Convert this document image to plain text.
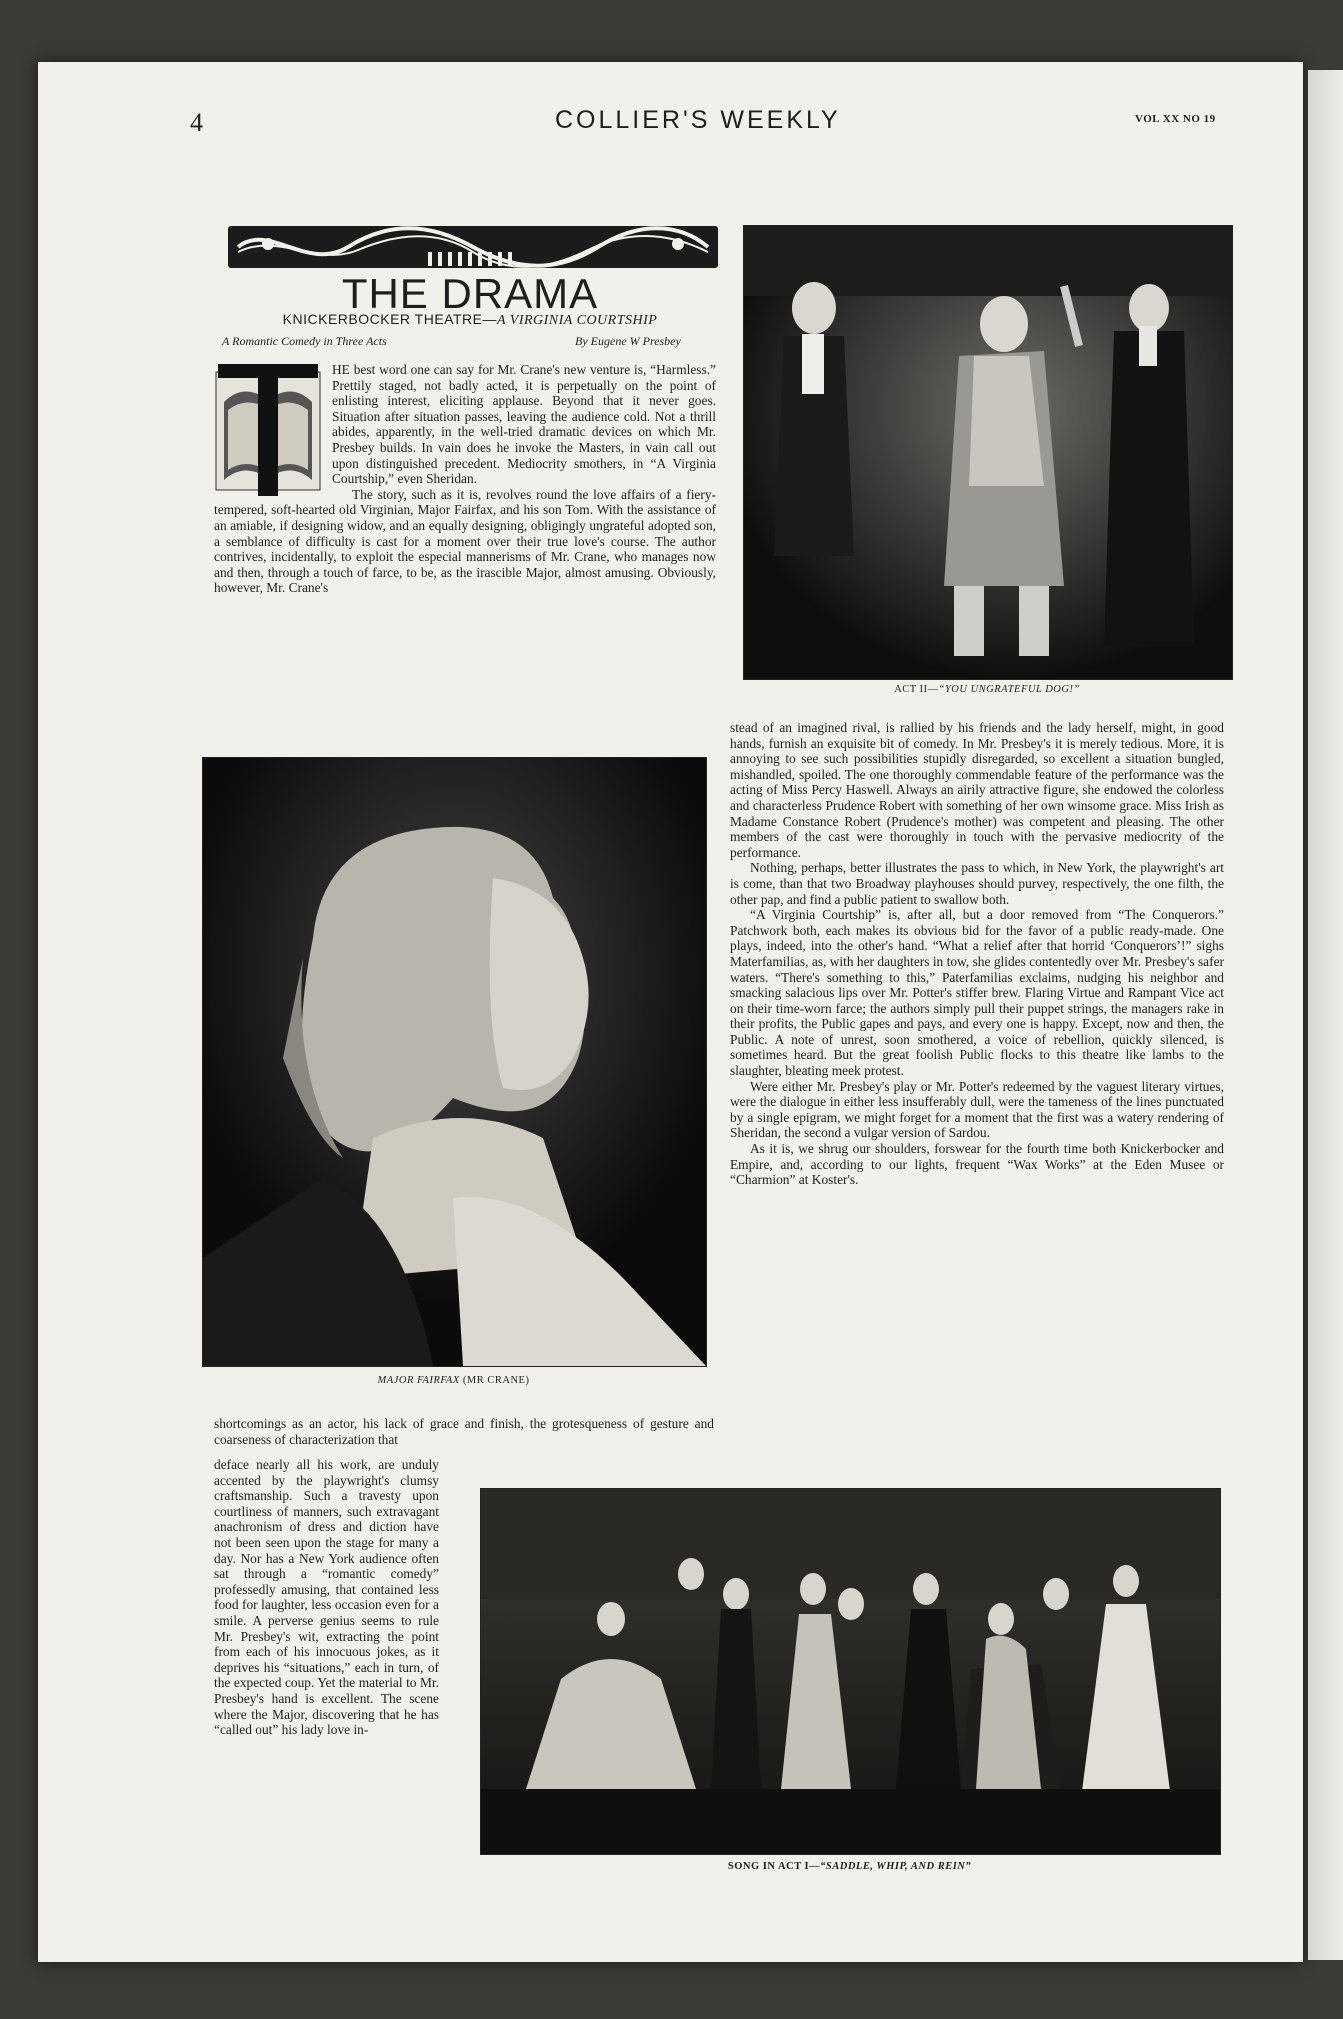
4	COLLIER'S WEEKLY	VOL XX NO 19
THE DRAMA
KNICKERBOCKER THEATRE—A VIRGINIA COURTSHIP
A Romantic Comedy in Three Acts	By Eugene W Presbey

HE best word one can say for Mr. Crane's new venture is, “Harmless.” Prettily staged, not badly acted, it is perpetually on the point of enlisting interest, eliciting applause. Beyond that it never goes. Situation after situation passes, leaving the audience cold. Not a thrill abides, apparently, in the well-tried dramatic devices on which Mr. Presbey builds. In vain does he invoke the Masters, in vain call out upon distinguished precedent. Mediocrity smothers, in “A Virginia Courtship,” even Sheridan.

The story, such as it is, revolves round the love affairs of a fiery-tempered, soft-hearted old Virginian, Major Fairfax, and his son Tom. With the assistance of an amiable, if designing widow, and an equally designing, obligingly ungrateful adopted son, a semblance of difficulty is cast for a moment over their true love's course. The author contrives, incidentally, to exploit the especial mannerisms of Mr. Crane, who manages now and then, through a touch of farce, to be, as the irascible Major, almost amusing. Obviously, however, Mr. Crane's

ACT II—“YOU UNGRATEFUL DOG!”
MAJOR FAIRFAX (MR CRANE)

stead of an imagined rival, is rallied by his friends and the lady herself, might, in good hands, furnish an exquisite bit of comedy. In Mr. Presbey's it is merely tedious. More, it is annoying to see such possibilities stupidly disregarded, so excellent a situation bungled, mishandled, spoiled. The one thoroughly commendable feature of the performance was the acting of Miss Percy Haswell. Always an airily attractive figure, she endowed the colorless and characterless Prudence Robert with something of her own winsome grace. Miss Irish as Madame Constance Robert (Prudence's mother) was competent and pleasing. The other members of the cast were thoroughly in touch with the pervasive mediocrity of the performance.

Nothing, perhaps, better illustrates the pass to which, in New York, the playwright's art is come, than that two Broadway playhouses should purvey, respectively, the one filth, the other pap, and find a public patient to swallow both.

“A Virginia Courtship” is, after all, but a door removed from “The Conquerors.” Patchwork both, each makes its obvious bid for the favor of a public ready-made. One plays, indeed, into the other's hand. “What a relief after that horrid ‘Conquerors’!” sighs Materfamilias, as, with her daughters in tow, she glides contentedly over Mr. Presbey's safer waters. “There's something to this,” Paterfamilias exclaims, nudging his neighbor and smacking salacious lips over Mr. Potter's stiffer brew. Flaring Virtue and Rampant Vice act on their time-worn farce; the authors simply pull their puppet strings, the managers rake in their profits, the Public gapes and pays, and every one is happy. Except, now and then, the Public. A note of unrest, soon smothered, a voice of rebellion, quickly silenced, is sometimes heard. But the great foolish Public flocks to this theatre like lambs to the slaughter, bleating meek protest.

Were either Mr. Presbey's play or Mr. Potter's redeemed by the vaguest literary virtues, were the dialogue in either less insufferably dull, were the tameness of the lines punctuated by a single epigram, we might forget for a moment that the first was a watery rendering of Sheridan, the second a vulgar version of Sardou.

As it is, we shrug our shoulders, forswear for the fourth time both Knickerbocker and Empire, and, according to our lights, frequent “Wax Works” at the Eden Musee or “Charmion” at Koster's.

shortcomings as an actor, his lack of grace and finish, the grotesqueness of gesture and coarseness of characterization that

deface nearly all his work, are unduly accented by the playwright's clumsy craftsmanship. Such a travesty upon courtliness of manners, such extravagant anachronism of dress and diction have not been seen upon the stage for many a day. Nor has a New York audience often sat through a “romantic comedy” professedly amusing, that contained less food for laughter, less occasion even for a smile. A perverse genius seems to rule Mr. Presbey's wit, extracting the point from each of his innocuous jokes, as it deprives his “situations,” each in turn, of the expected coup. Yet the material to Mr. Presbey's hand is excellent. The scene where the Major, discovering that he has “called out” his lady love in-

SONG IN ACT I—“SADDLE, WHIP, AND REIN”
